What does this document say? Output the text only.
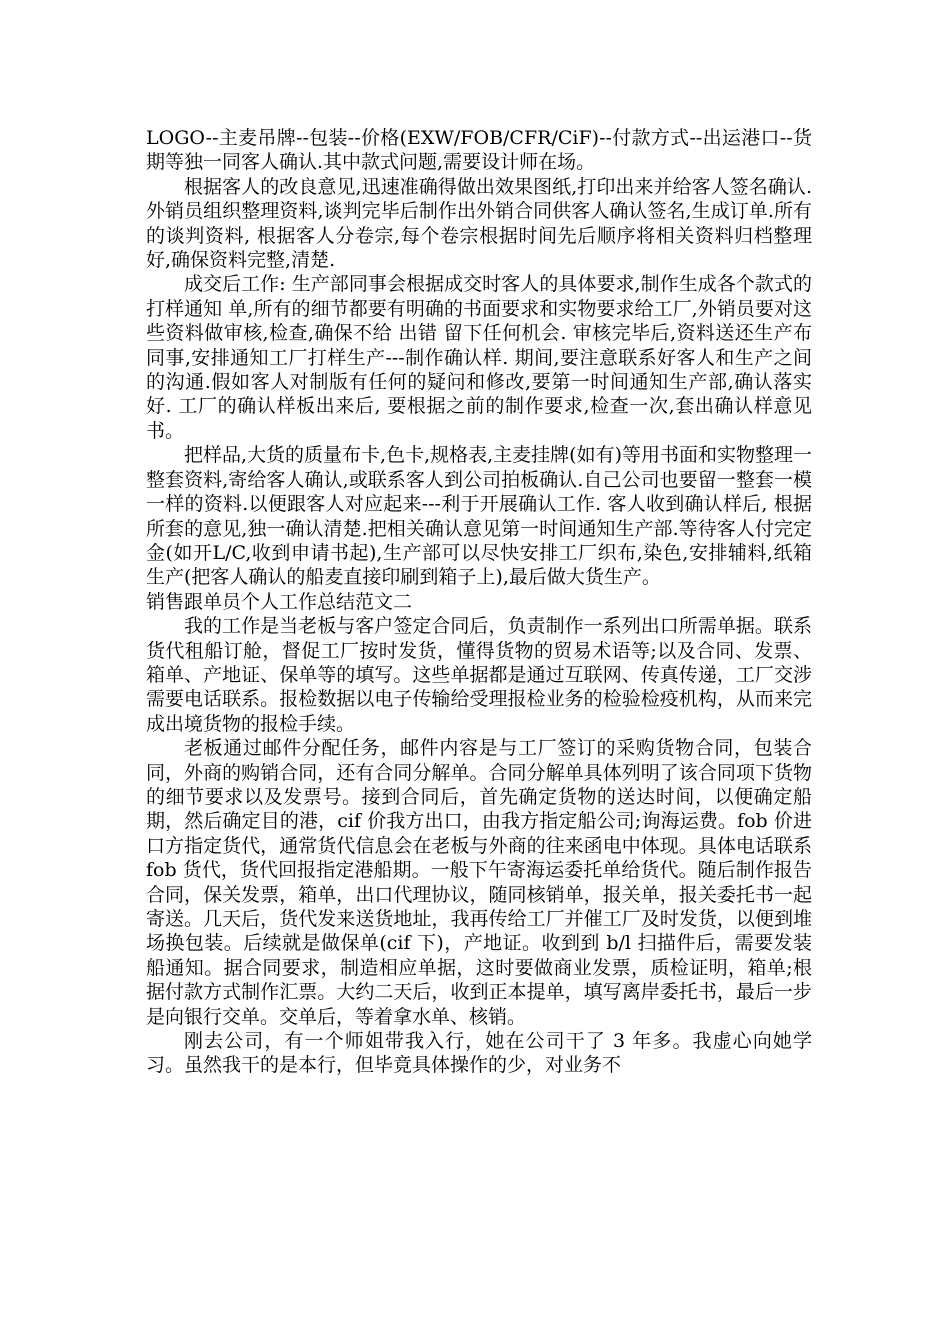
LOGO--主麦吊牌--包装--价格(EXW/FOB/CFR/CiF)--付款方式--出运港口--货期等独一同客人确认.其中款式问题,需要设计师在场。

根据客人的改良意见,迅速准确得做出效果图纸,打印出来并给客人签名确认.外销员组织整理资料,谈判完毕后制作出外销合同供客人确认签名,生成订单.所有的谈判资料, 根据客人分卷宗,每个卷宗根据时间先后顺序将相关资料归档整理好,确保资料完整,清楚.

成交后工作: 生产部同事会根据成交时客人的具体要求,制作生成各个款式的 打样通知 单,所有的细节都要有明确的书面要求和实物要求给工厂,外销员要对这些资料做审核,检查,确保不给 出错 留下任何机会. 审核完毕后,资料送还生产布同事,安排通知工厂打样生产---制作确认样. 期间,要注意联系好客人和生产之间的沟通.假如客人对制版有任何的疑问和修改,要第一时间通知生产部,确认落实好. 工厂的确认样板出来后, 要根据之前的制作要求,检查一次,套出确认样意见书。

把样品,大货的质量布卡,色卡,规格表,主麦挂牌(如有)等用书面和实物整理一整套资料,寄给客人确认,或联系客人到公司拍板确认.自己公司也要留一整套一模一样的资料.以便跟客人对应起来---利于开展确认工作. 客人收到确认样后, 根据所套的意见,独一确认清楚.把相关确认意见第一时间通知生产部.等待客人付完定金(如开L/C,收到申请书起),生产部可以尽快安排工厂织布,染色,安排辅料,纸箱生产(把客人确认的船麦直接印刷到箱子上),最后做大货生产。

销售跟单员个人工作总结范文二

我的工作是当老板与客户签定合同后，负责制作一系列出口所需单据。联系货代租船订舱，督促工厂按时发货，懂得货物的贸易术语等;以及合同、发票、箱单、产地证、保单等的填写。这些单据都是通过互联网、传真传递，工厂交涉需要电话联系。报检数据以电子传输给受理报检业务的检验检疫机构，从而来完成出境货物的报检手续。

老板通过邮件分配任务，邮件内容是与工厂签订的采购货物合同，包装合同，外商的购销合同，还有合同分解单。合同分解单具体列明了该合同项下货物的细节要求以及发票号。接到合同后，首先确定货物的送达时间，以便确定船期，然后确定目的港，cif 价我方出口，由我方指定船公司;询海运费。fob 价进口方指定货代，通常货代信息会在老板与外商的往来函电中体现。具体电话联系 fob 货代，货代回报指定港船期。一般下午寄海运委托单给货代。随后制作报告合同，保关发票，箱单，出口代理协议，随同核销单，报关单，报关委托书一起寄送。几天后，货代发来送货地址，我再传给工厂并催工厂及时发货，以便到堆场换包装。后续就是做保单(cif 下)，产地证。收到到 b/l 扫描件后，需要发装船通知。据合同要求，制造相应单据，这时要做商业发票，质检证明，箱单;根据付款方式制作汇票。大约二天后，收到正本提单，填写离岸委托书，最后一步是向银行交单。交单后，等着拿水单、核销。

刚去公司，有一个师姐带我入行，她在公司干了 3 年多。我虚心向她学习。虽然我干的是本行，但毕竟具体操作的少，对业务不
